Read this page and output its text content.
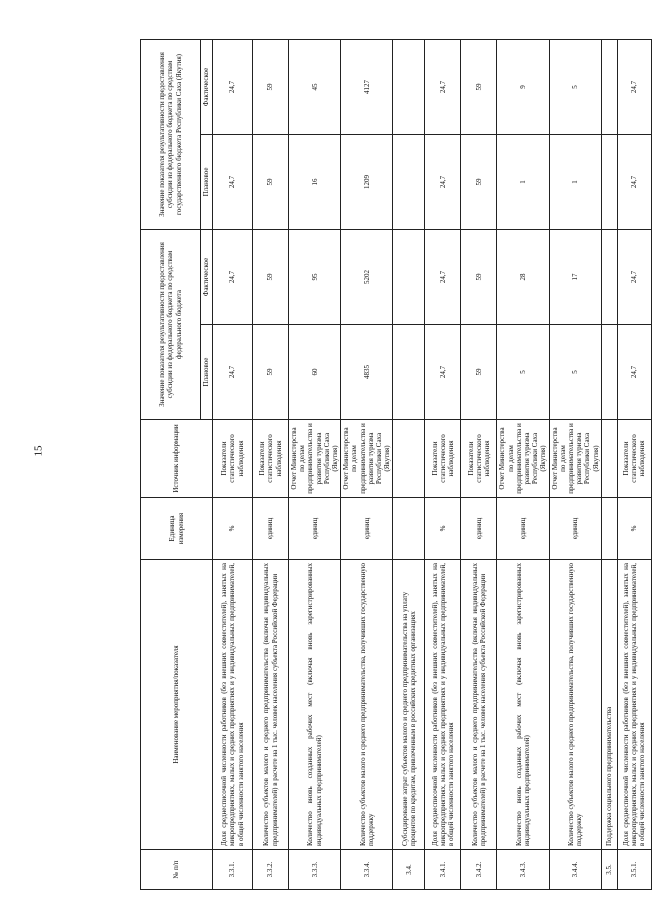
15
№ п/п	Наименование мероприятия/показателя	Единица измерения	Источник информации	Значение показателя результативности предоставления субсидии из федерального бюджета по средствам федерального бюджета		Значение показателя результативности предоставления субсидии из федерального бюджета по средствам государственного бюджета Республики Саха (Якутия)	
				Плановое	Фактическое	Плановое	Фактическое
3.3.1.	Доля среднесписочной численности работников (без внешних совместителей), занятых на микропредприятиях, малых и средних предприятиях и у индивидуальных предпринимателей, в общей численности занятого населения	%	Показатели статистического наблюдения	24,7	24,7	24,7	24,7
3.3.2.	Количество субъектов малого и среднего предпринимательства (включая индивидуальных предпринимателей) в расчете на 1 тыс. человек населения субъекта Российской Федерации	единиц	Показатели статистического наблюдения	59	59	59	59
3.3.3.	Количество вновь созданных рабочих мест (включая вновь зарегистрированных индивидуальных предпринимателей)	единиц	Отчет Министерства по делам предпринимательства и развития туризма Республики Саха (Якутия)	60	95	16	45
3.3.4.	Количество субъектов малого и среднего предпринимательства, получивших государственную поддержку	единиц	Отчет Министерства по делам предпринимательства и развития туризма Республики Саха (Якутия)	4835	5202	1209	4127
3.4.	Субсидирование затрат субъектов малого и среднего предпринимательства на уплату процентов по кредитам, привлеченным в российских кредитных организациях						
3.4.1.	Доля среднесписочной численности работников (без внешних совместителей), занятых на микропредприятиях, малых и средних предприятиях и у индивидуальных предпринимателей, в общей численности занятого населения	%	Показатели статистического наблюдения	24,7	24,7	24,7	24,7
3.4.2.	Количество субъектов малого и среднего предпринимательства (включая индивидуальных предпринимателей) в расчете на 1 тыс. человек населения субъекта Российской Федерации	единиц	Показатели статистического наблюдения	59	59	59	59
3.4.3.	Количество вновь созданных рабочих мест (включая вновь зарегистрированных индивидуальных предпринимателей)	единиц	Отчет Министерства по делам предпринимательства и развития туризма Республики Саха (Якутия)	5	28	1	9
3.4.4.	Количество субъектов малого и среднего предпринимательства, получивших государственную поддержку	единиц	Отчет Министерства по делам предпринимательства и развития туризма Республики Саха (Якутия)	5	17	1	5
3.5.	Поддержка социального предпринимательства						
3.5.1.	Доля среднесписочной численности работников (без внешних совместителей), занятых на микропредприятиях, малых и средних предприятиях и у индивидуальных предпринимателей, в общей численности занятого населения	%	Показатели статистического наблюдения	24,7	24,7	24,7	24,7
